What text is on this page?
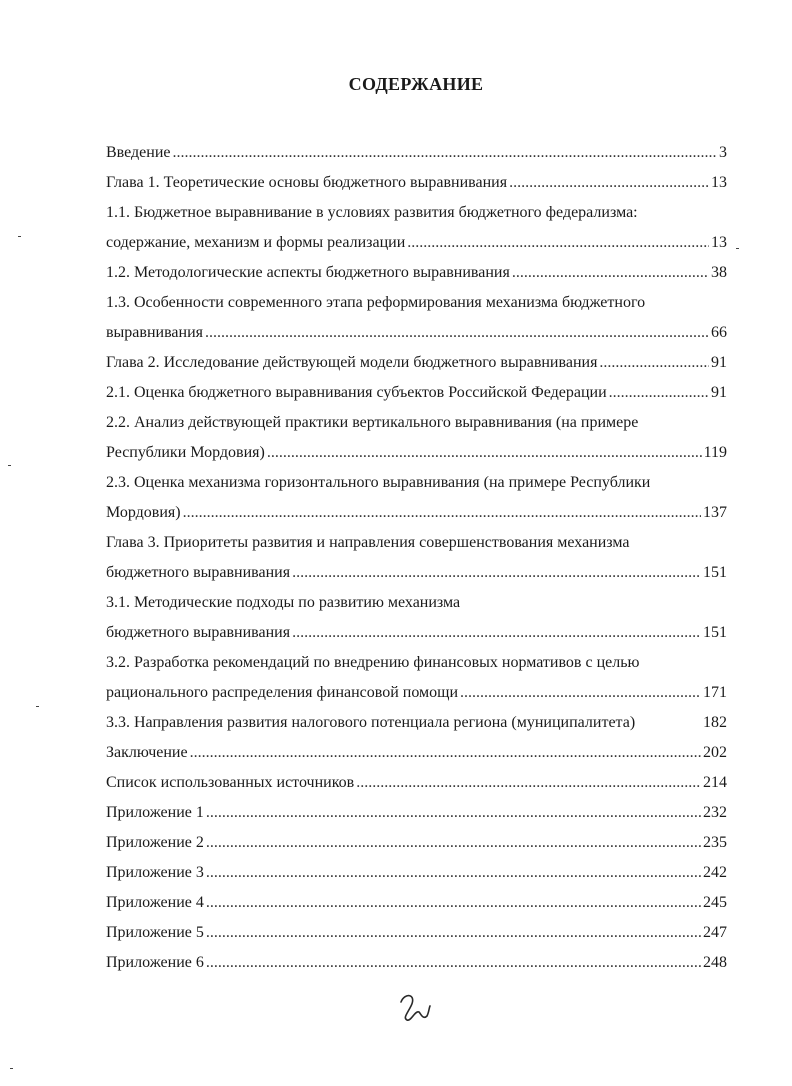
СОДЕРЖАНИЕ
Введение .....	3
Глава 1. Теоретические основы бюджетного выравнивания .....	13
1.1. Бюджетное выравнивание в условиях развития бюджетного федерализма:
содержание, механизм и формы реализации .....	13
1.2. Методологические аспекты бюджетного выравнивания .....	38
1.3. Особенности современного этапа реформирования механизма бюджетного
выравнивания .....	66
Глава 2. Исследование действующей модели бюджетного выравнивания .....	91
2.1. Оценка бюджетного выравнивания субъектов Российской Федерации .....	91
2.2. Анализ действующей практики вертикального выравнивания (на примере
Республики Мордовия) .....	119
2.3. Оценка механизма горизонтального выравнивания (на примере Республики
Мордовия) .....	137
Глава 3. Приоритеты развития и направления совершенствования механизма
бюджетного выравнивания .....	151
3.1. Методические подходы по развитию механизма
бюджетного выравнивания .....	151
3.2. Разработка рекомендаций по внедрению финансовых нормативов с целью
рационального распределения финансовой помощи .....	171
3.3. Направления развития налогового потенциала региона (муниципалитета)	182
Заключение .....	202
Список использованных источников .....	214
Приложение 1 .....	232
Приложение 2 .....	235
Приложение 3 .....	242
Приложение 4 .....	245
Приложение 5 .....	247
Приложение 6 .....	248
